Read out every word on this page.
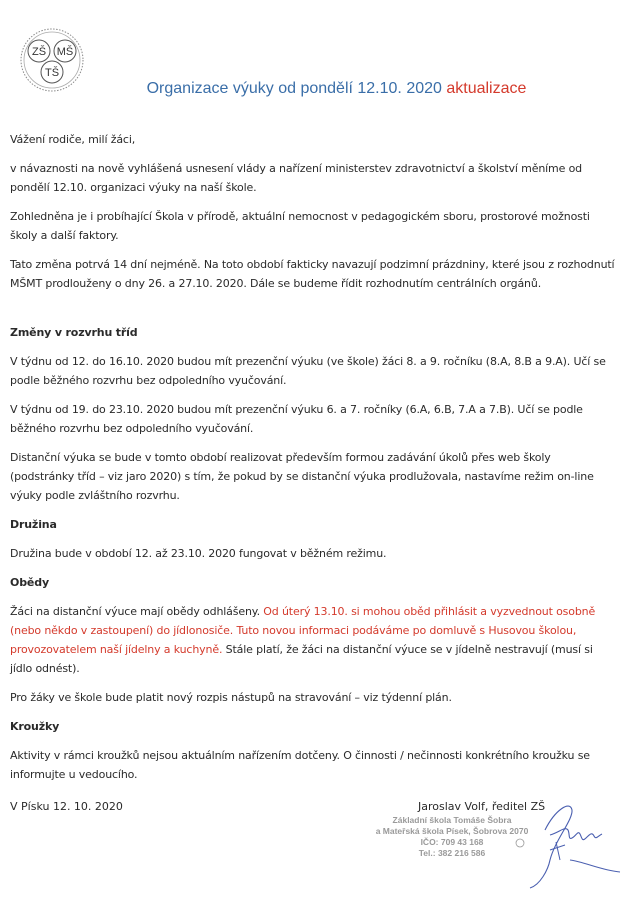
ZŠ MŠ
TŠ
Organizace výuky od pondělí 12.10. 2020 aktualizace

Vážení rodiče, milí žáci,

v návaznosti na nově vyhlášená usnesení vlády a nařízení ministerstev zdravotnictví a školství měníme od pondělí 12.10. organizaci výuky na naší škole.

Zohledněna je i probíhající Škola v přírodě, aktuální nemocnost v pedagogickém sboru, prostorové možnosti školy a další faktory.

Tato změna potrvá 14 dní nejméně. Na toto období fakticky navazují podzimní prázdniny, které jsou z rozhodnutí MŠMT prodlouženy o dny 26. a 27.10. 2020. Dále se budeme řídit rozhodnutím centrálních orgánů.

Změny v rozvrhu tříd

V týdnu od 12. do 16.10. 2020 budou mít prezenční výuku (ve škole) žáci 8. a 9. ročníku (8.A, 8.B a 9.A). Učí se podle běžného rozvrhu bez odpoledního vyučování.

V týdnu od 19. do 23.10. 2020 budou mít prezenční výuku 6. a 7. ročníky (6.A, 6.B, 7.A a 7.B). Učí se podle běžného rozvrhu bez odpoledního vyučování.

Distanční výuka se bude v tomto období realizovat především formou zadávání úkolů přes web školy (podstránky tříd – viz jaro 2020) s tím, že pokud by se distanční výuka prodlužovala, nastavíme režim on-line výuky podle zvláštního rozvrhu.

Družina

Družina bude v období 12. až 23.10. 2020 fungovat v běžném režimu.

Obědy

Žáci na distanční výuce mají obědy odhlášeny. Od úterý 13.10. si mohou oběd přihlásit a vyzvednout osobně (nebo někdo v zastoupení) do jídlonosiče. Tuto novou informaci podáváme po domluvě s Husovou školou, provozovatelem naší jídelny a kuchyně. Stále platí, že žáci na distanční výuce se v jídelně nestravují (musí si jídlo odnést).

Pro žáky ve škole bude platit nový rozpis nástupů na stravování – viz týdenní plán.

Kroužky

Aktivity v rámci kroužků nejsou aktuálním nařízením dotčeny. O činnosti / nečinnosti konkrétního kroužku se informujte u vedoucího.

V Písku 12. 10. 2020	Jaroslav Volf, ředitel ZŠ
Základní škola Tomáše Šobra
a Mateřská škola Písek, Šobrova 2070
IČO: 709 43 168
Tel.: 382 216 586
